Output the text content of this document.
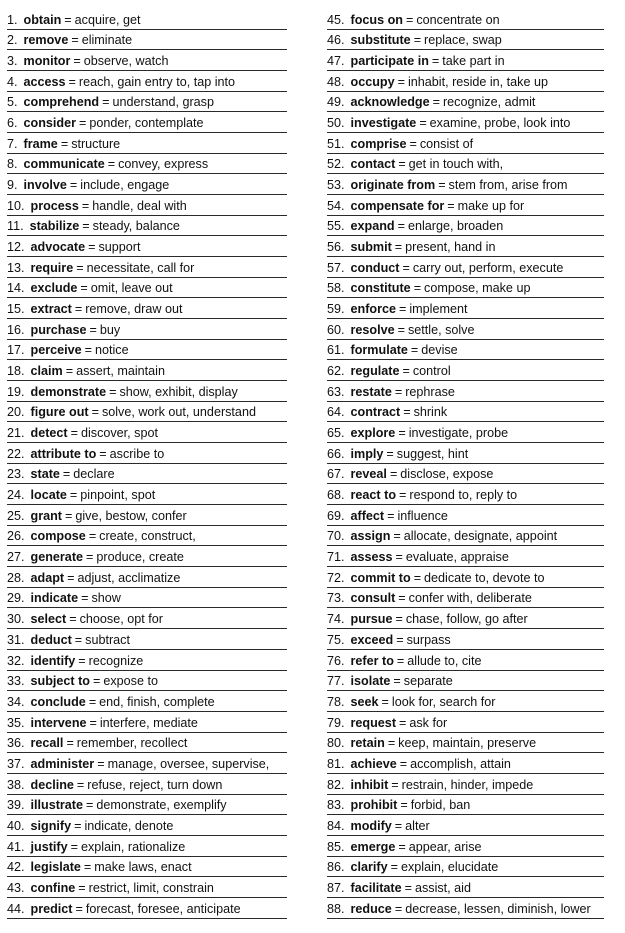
1. obtain = acquire, get
2. remove = eliminate
3. monitor = observe, watch
4. access = reach, gain entry to, tap into
5. comprehend = understand, grasp
6. consider = ponder, contemplate
7. frame = structure
8. communicate = convey, express
9. involve = include, engage
10. process = handle, deal with
11. stabilize = steady, balance
12. advocate = support
13. require = necessitate, call for
14. exclude = omit, leave out
15. extract = remove, draw out
16. purchase = buy
17. perceive = notice
18. claim = assert, maintain
19. demonstrate = show, exhibit, display
20. figure out = solve, work out, understand
21. detect = discover, spot
22. attribute to = ascribe to
23. state = declare
24. locate = pinpoint, spot
25. grant = give, bestow, confer
26. compose = create, construct,
27. generate = produce, create
28. adapt = adjust, acclimatize
29. indicate = show
30. select = choose, opt for
31. deduct = subtract
32. identify = recognize
33. subject to = expose to
34. conclude = end, finish, complete
35. intervene = interfere, mediate
36. recall = remember, recollect
37. administer = manage, oversee, supervise,
38. decline = refuse, reject, turn down
39. illustrate = demonstrate, exemplify
40. signify = indicate, denote
41. justify = explain, rationalize
42. legislate = make laws, enact
43. confine = restrict, limit, constrain
44. predict = forecast, foresee, anticipate
45. focus on = concentrate on
46. substitute = replace, swap
47. participate in = take part in
48. occupy = inhabit, reside in, take up
49. acknowledge = recognize, admit
50. investigate = examine, probe, look into
51. comprise = consist of
52. contact = get in touch with,
53. originate from = stem from, arise from
54. compensate for = make up for
55. expand = enlarge, broaden
56. submit = present, hand in
57. conduct = carry out, perform, execute
58. constitute = compose, make up
59. enforce = implement
60. resolve = settle, solve
61. formulate = devise
62. regulate = control
63. restate = rephrase
64. contract = shrink
65. explore = investigate, probe
66. imply = suggest, hint
67. reveal = disclose, expose
68. react to = respond to, reply to
69. affect = influence
70. assign = allocate, designate, appoint
71. assess = evaluate, appraise
72. commit to = dedicate to, devote to
73. consult = confer with, deliberate
74. pursue = chase, follow, go after
75. exceed = surpass
76. refer to = allude to, cite
77. isolate = separate
78. seek = look for, search for
79. request = ask for
80. retain = keep, maintain, preserve
81. achieve = accomplish, attain
82. inhibit = restrain, hinder, impede
83. prohibit = forbid, ban
84. modify = alter
85. emerge = appear, arise
86. clarify = explain, elucidate
87. facilitate = assist, aid
88. reduce = decrease, lessen, diminish, lower
